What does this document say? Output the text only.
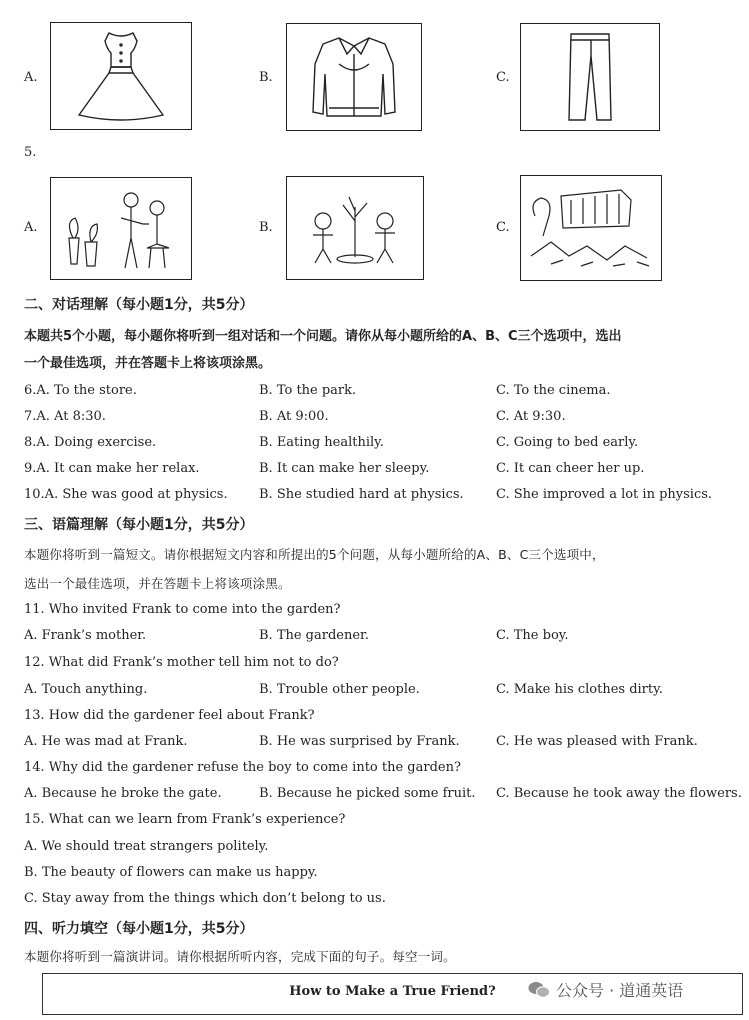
A.	B.	C.
5.
A.	B.	C.
二、对话理解（每小题1分，共5分）
本题共5个小题，每小题你将听到一组对话和一个问题。请你从每小题所给的A、B、C三个选项中，选出
一个最佳选项，并在答题卡上将该项涂黑。
6.A. To the store.	B. To the park.	C. To the cinema.
7.A. At 8:30.	B. At 9:00.	C. At 9:30.
8.A. Doing exercise.	B. Eating healthily.	C. Going to bed early.
9.A. It can make her relax.	B. It can make her sleepy.	C. It can cheer her up.
10.A. She was good at physics. B. She studied hard at physics. C. She improved a lot in physics.
三、语篇理解（每小题1分，共5分）
本题你将听到一篇短文。请你根据短文内容和所提出的5个问题，从每小题所给的A、B、C三个选项中，
选出一个最佳选项，并在答题卡上将该项涂黑。
11. Who invited Frank to come into the garden?
A. Frank’s mother.	B. The gardener.	C. The boy.
12. What did Frank’s mother tell him not to do?
A. Touch anything.	B. Trouble other people.	C. Make his clothes dirty.
13. How did the gardener feel about Frank?
A. He was mad at Frank.	B. He was surprised by Frank.	C. He was pleased with Frank.
14. Why did the gardener refuse the boy to come into the garden?
A. Because he broke the gate.	B. Because he picked some fruit. C. Because he took away the flowers.
15. What can we learn from Frank’s experience?
A. We should treat strangers politely.
B. The beauty of flowers can make us happy.
C. Stay away from the things which don’t belong to us.
四、听力填空（每小题1分，共5分）
本题你将听到一篇演讲词。请你根据所听内容，完成下面的句子。每空一词。
How to Make a True Friend?	公众号 · 道通英语
